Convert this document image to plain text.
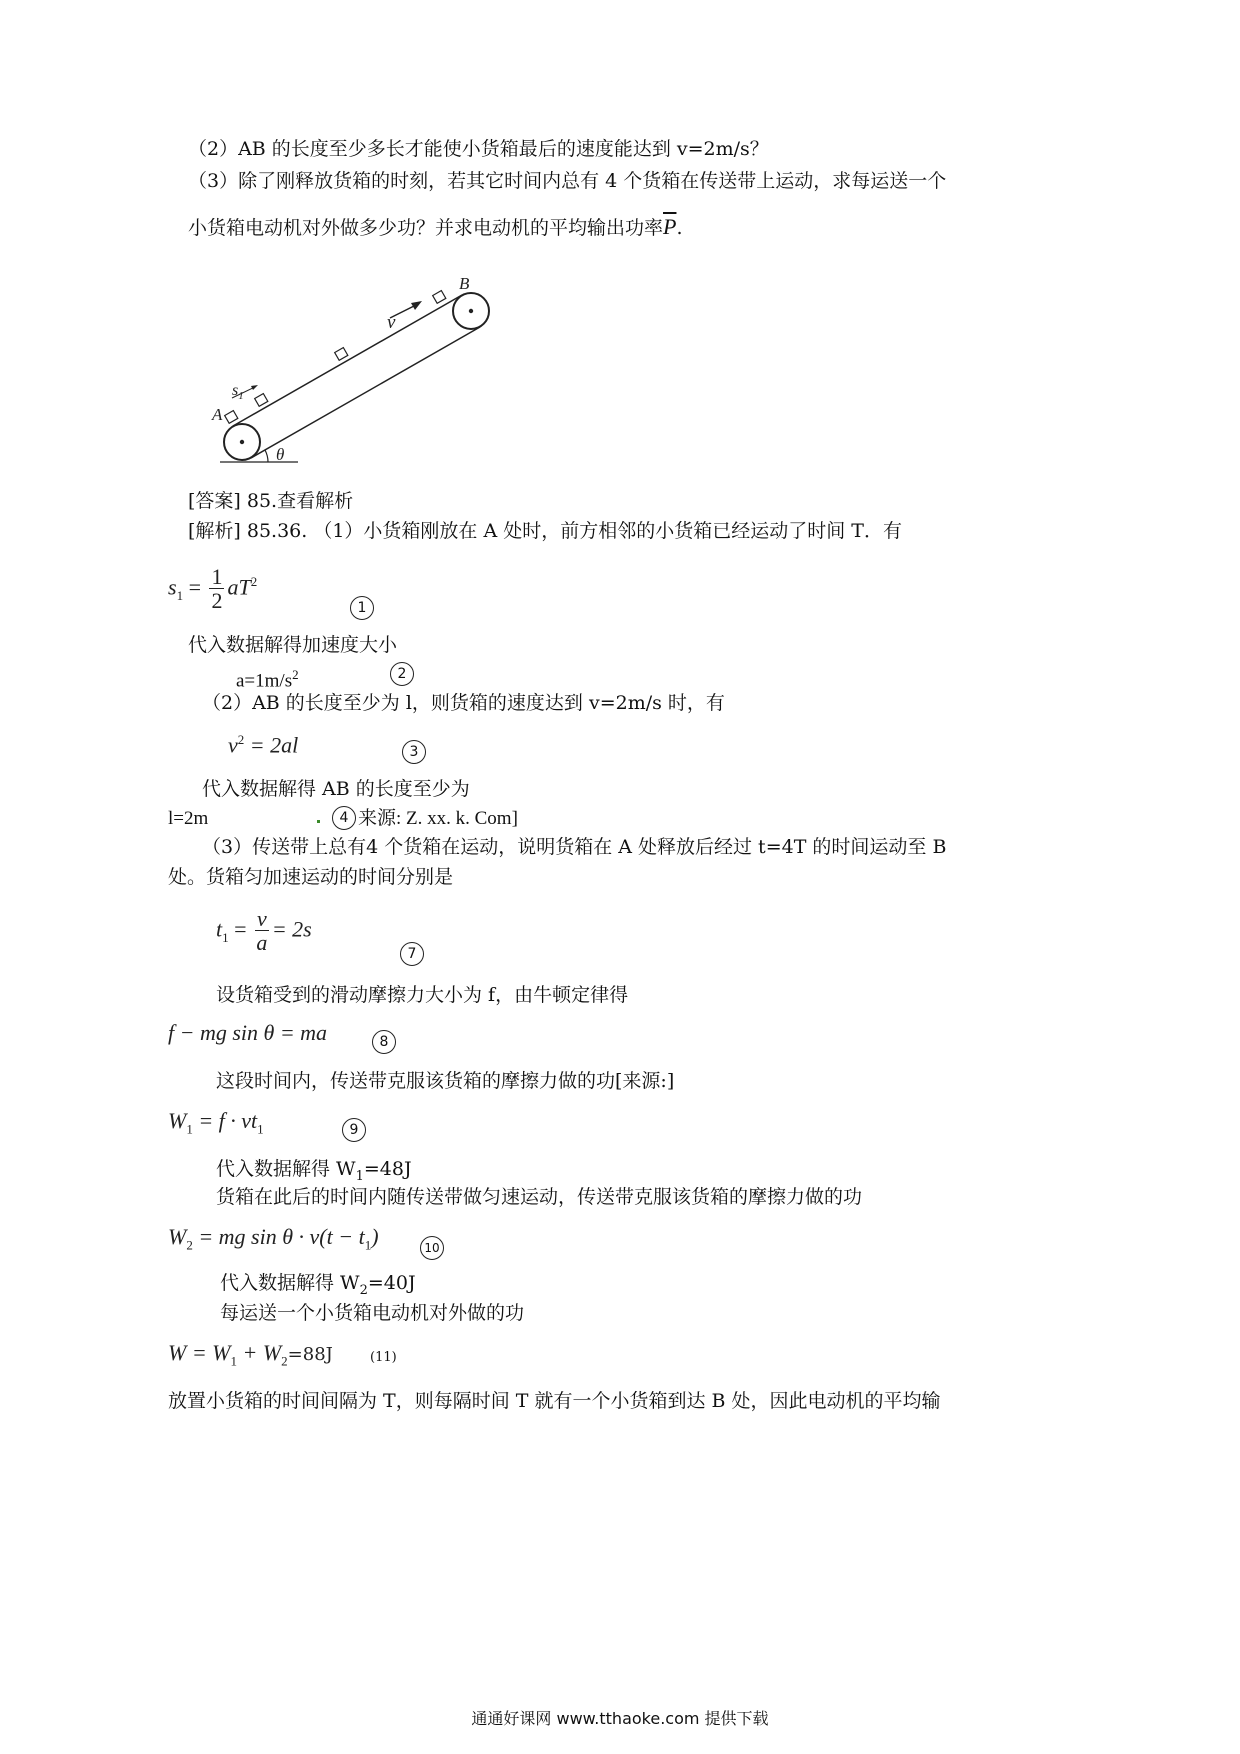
（2）AB 的长度至少多长才能使小货箱最后的速度能达到 v=2m/s？
（3）除了刚释放货箱的时刻，若其它时间内总有 4 个货箱在传送带上运动，求每运送一个
小货箱电动机对外做多少功？并求电动机的平均输出功率$\overline{P}$.
A
B
v
$s_1$
θ
[答案] 85.查看解析
[解析] 85.36. （1）小货箱刚放在 A 处时，前方相邻的小货箱已经运动了时间 T．有
$s_1 = \frac{1}{2} aT^2$
1
代入数据解得加速度大小
$a=1m/s^2$	2
（2）AB 的长度至少为 l，则货箱的速度达到 v=2m/s 时，有
$v^2 = 2al$	3
代入数据解得 AB 的长度至少为
l=2m	4 来源: Z. xx. k. Com]
（3）传送带上总有4 个货箱在运动，说明货箱在 A 处释放后经过 t=4T 的时间运动至 B
处。货箱匀加速运动的时间分别是
$t_1 = \frac{v}{a} = 2s$
7
设货箱受到的滑动摩擦力大小为 f，由牛顿定律得
f − mg sin θ = ma	8
这段时间内，传送带克服该货箱的摩擦力做的功[来源:]
$W_1 = f \cdot vt_1$	9
代入数据解得 $W_1=48J$
货箱在此后的时间内随传送带做匀速运动，传送带克服该货箱的摩擦力做的功
$W_2$ = mg $\sin \theta \cdot v(t - t_1)$	10
代入数据解得 $W_2=40J$
每运送一个小货箱电动机对外做的功
$W = W_1 + W_2=88J$	(11)
放置小货箱的时间间隔为 T，则每隔时间 T 就有一个小货箱到达 B 处，因此电动机的平均输
通通好课网 www.tthaoke.com 提供下载
